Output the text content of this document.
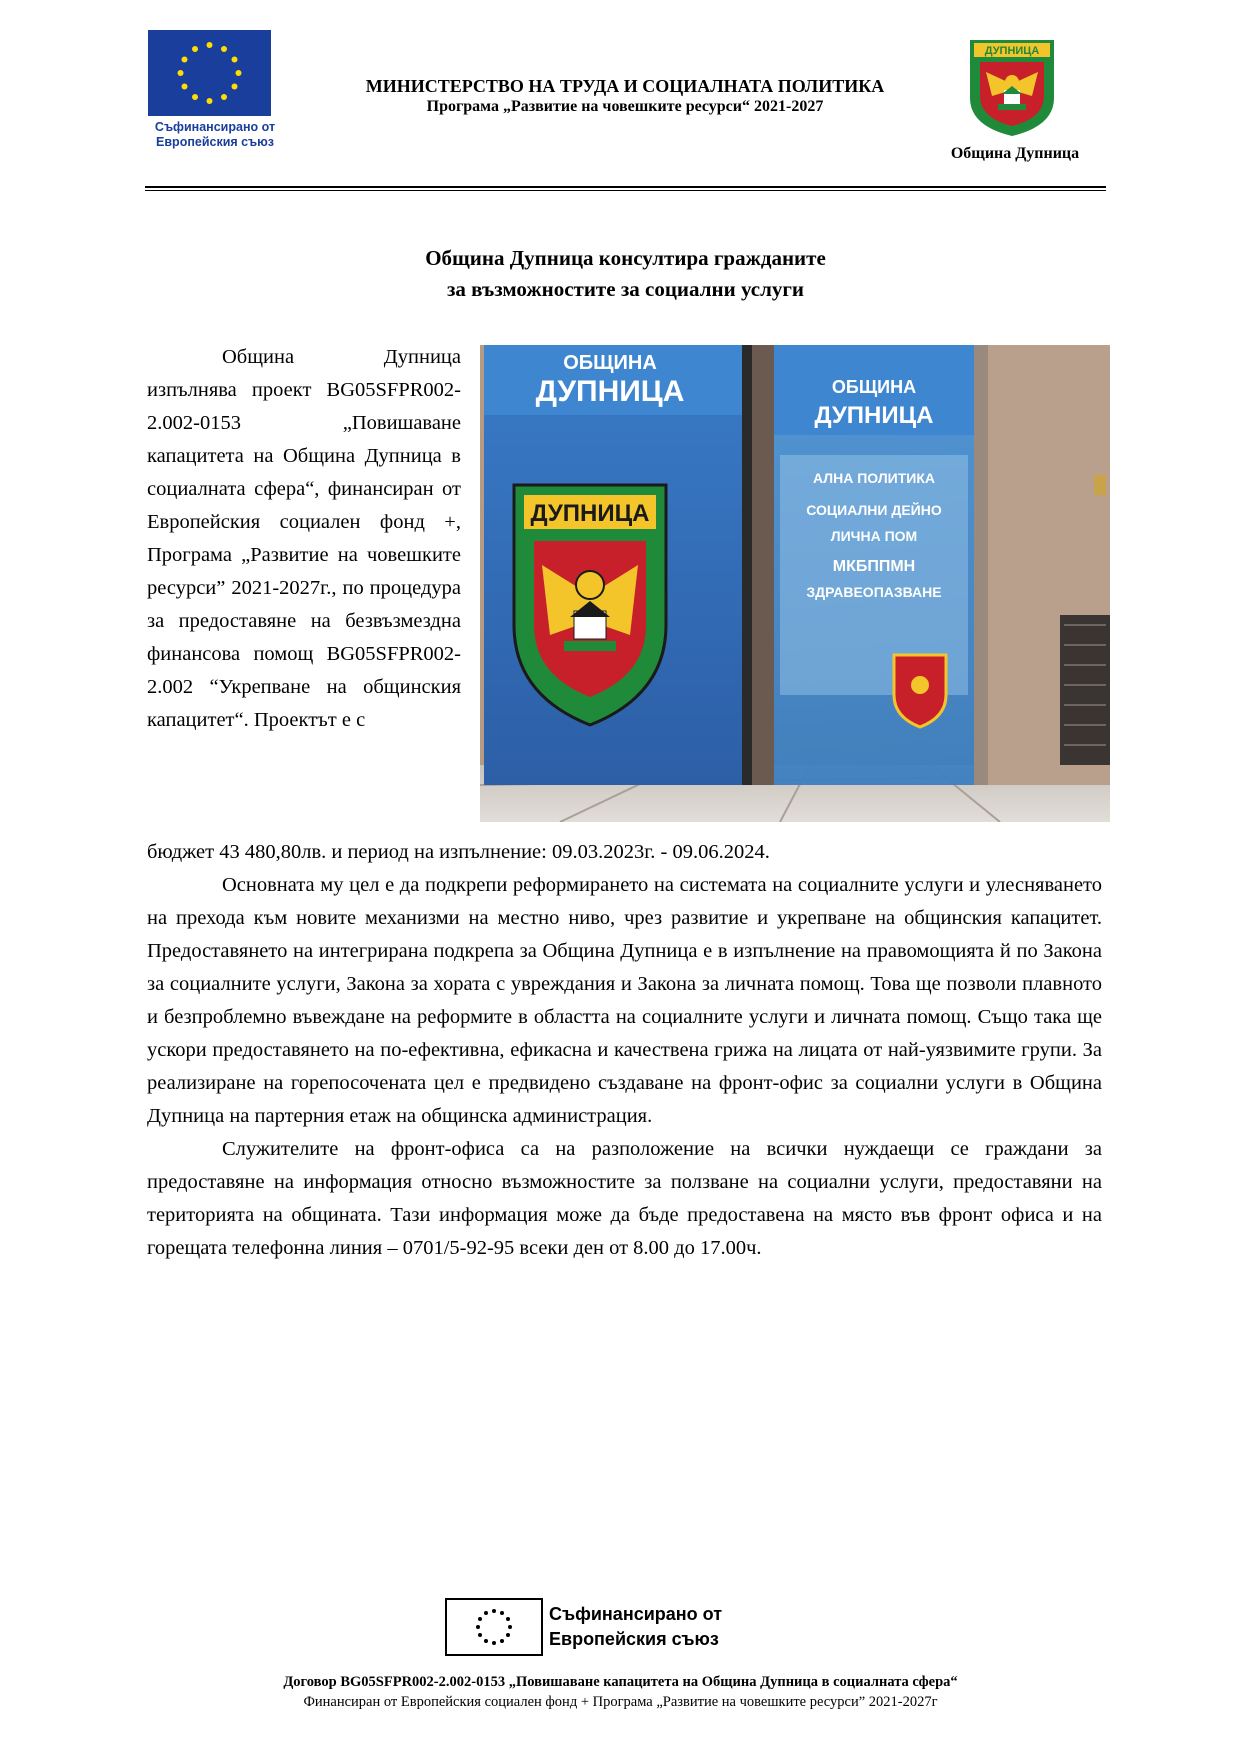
Съфинансирано от
Европейския съюз
МИНИСТЕРСТВО НА ТРУДА И СОЦИАЛНАТА ПОЛИТИКА
Програма „Развитие на човешките ресурси“ 2021-2027
ДУПНИЦА
Община Дупница
Община Дупница консултира гражданите
за възможностите за социални услуги

Община Дупница изпълнява проект BG05SFPR002-2.002-0153 „Повишаване капацитета на Община Дупница в социалната сфера“, финансиран от Европейския социален фонд +, Програма „Развитие на човешките ресурси” 2021-2027г., по процедура за предоставяне на безвъзмездна финансова помощ BG05SFPR002-2.002 “Укрепване на общинския капацитет“. Проектът е с

ОБЩИНА
ДУПНИЦА
ДУПНИЦА
ОБЩИНА
ДУПНИЦА
АЛНА ПОЛИТИКА
СОЦИАЛНИ ДЕЙНО
ЛИЧНА ПОМ
МКБППМН
ЗДРАВЕОПАЗВАНЕ

бюджет 43 480,80лв. и период на изпълнение: 09.03.2023г. - 09.06.2024.

Основната му цел е да подкрепи реформирането на системата на социалните услуги и улесняването на прехода към новите механизми на местно ниво, чрез развитие и укрепване на общинския капацитет. Предоставянето на интегрирана подкрепа за Община Дупница е в изпълнение на правомощията й по Закона за социалните услуги, Закона за хората с увреждания и Закона за личната помощ. Това ще позволи плавното и безпроблемно въвеждане на реформите в областта на социалните услуги и личната помощ. Също така ще ускори предоставянето на по-ефективна, ефикасна и качествена грижа на лицата от най-уязвимите групи. За реализиране на горепосочената цел е предвидено създаване на фронт-офис за социални услуги в Община Дупница на партерния етаж на общинска администрация.

Служителите на фронт-офиса са на разположение на всички нуждаещи се граждани за предоставяне на информация относно възможностите за ползване на социални услуги, предоставяни на територията на общината. Тази информация може да бъде предоставена на място във фронт офиса и на горещата телефонна линия – 0701/5-92-95 всеки ден от 8.00 до 17.00ч.

Съфинансирано от
Европейския съюз
Договор BG05SFPR002-2.002-0153 „Повишаване капацитета на Община Дупница в социалната сфера“
Финансиран от Европейския социален фонд + Програма „Развитие на човешките ресурси” 2021-2027г
